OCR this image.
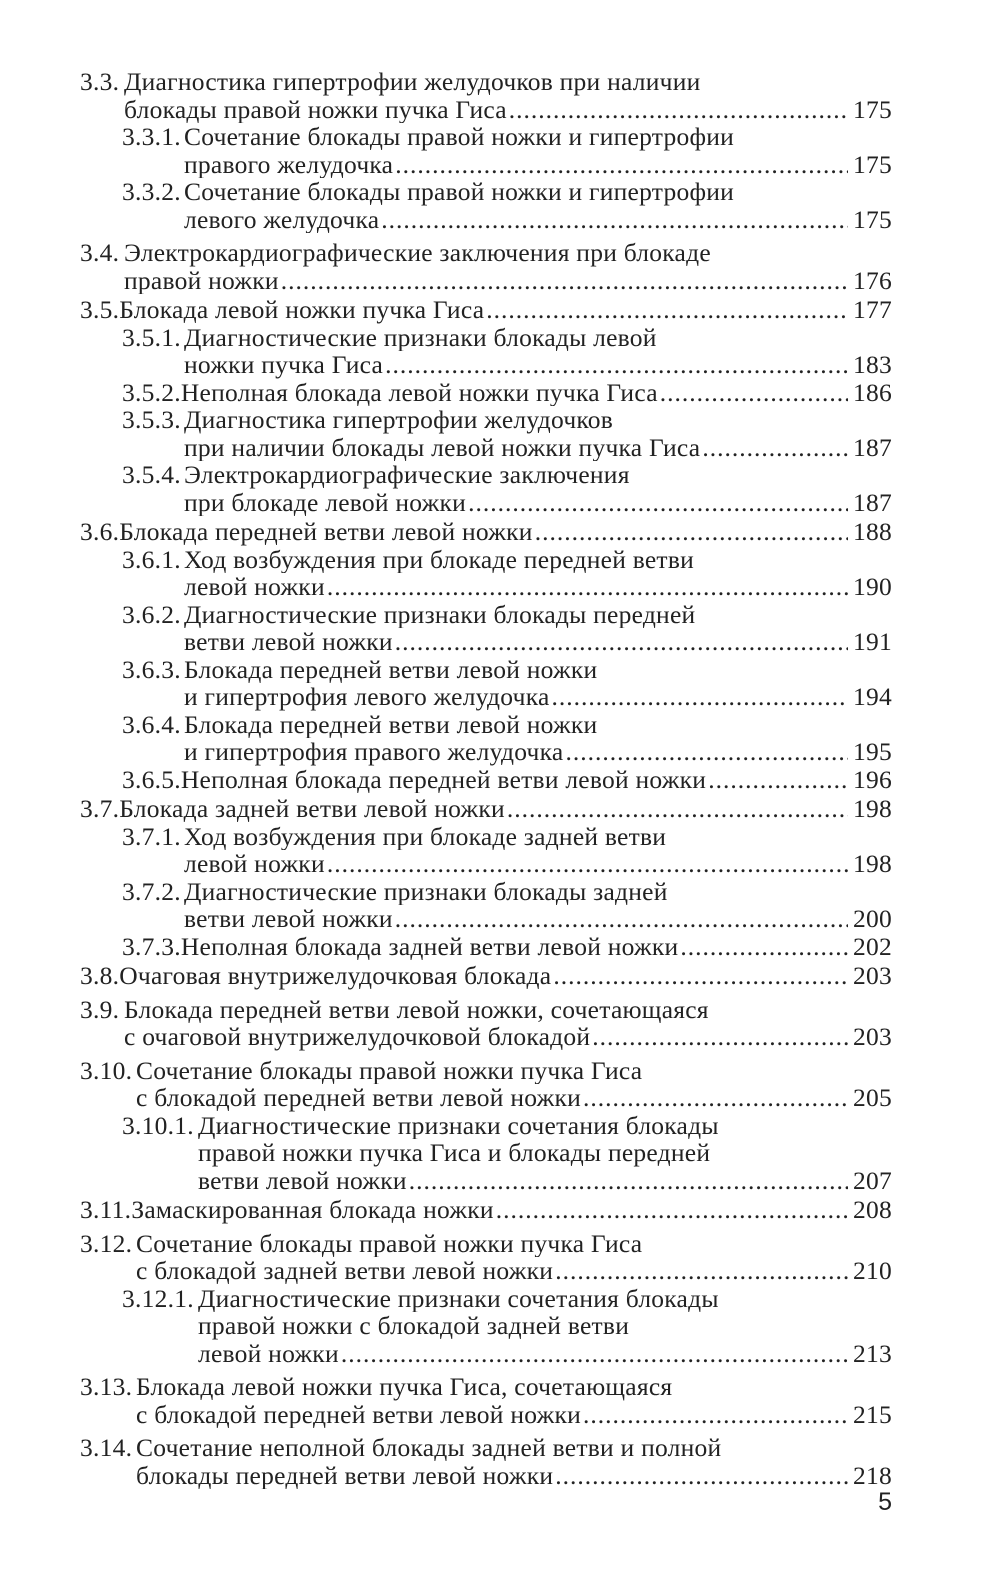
3.3. Диагностика гипертрофии желудочков при наличии
блокады правой ножки пучка Гиса .....	175
3.3.1. Сочетание блокады правой ножки и гипертрофии
правого желудочка .....	175
3.3.2. Сочетание блокады правой ножки и гипертрофии
левого желудочка .....	175
3.4. Электрокардиографические заключения при блокаде
правой ножки .....	176
3.5. Блокада левой ножки пучка Гиса .....	177
3.5.1. Диагностические признаки блокады левой
ножки пучка Гиса .....	183
3.5.2. Неполная блокада левой ножки пучка Гиса .....	186
3.5.3. Диагностика гипертрофии желудочков
при наличии блокады левой ножки пучка Гиса .....	187
3.5.4. Электрокардиографические заключения
при блокаде левой ножки .....	187
3.6. Блокада передней ветви левой ножки .....	188
3.6.1. Ход возбуждения при блокаде передней ветви
левой ножки .....	190
3.6.2. Диагностические признаки блокады передней
ветви левой ножки .....	191
3.6.3. Блокада передней ветви левой ножки
и гипертрофия левого желудочка .....	194
3.6.4. Блокада передней ветви левой ножки
и гипертрофия правого желудочка .....	195
3.6.5. Неполная блокада передней ветви левой ножки .....	196
3.7. Блокада задней ветви левой ножки .....	198
3.7.1. Ход возбуждения при блокаде задней ветви
левой ножки .....	198
3.7.2. Диагностические признаки блокады задней
ветви левой ножки .....	200
3.7.3. Неполная блокада задней ветви левой ножки .....	202
3.8. Очаговая внутрижелудочковая блокада .....	203
3.9. Блокада передней ветви левой ножки, сочетающаяся
с очаговой внутрижелудочковой блокадой .....	203
3.10. Сочетание блокады правой ножки пучка Гиса
с блокадой передней ветви левой ножки .....	205
3.10.1. Диагностические признаки сочетания блокады
правой ножки пучка Гиса и блокады передней
ветви левой ножки .....	207
3.11. Замаскированная блокада ножки .....	208
3.12. Сочетание блокады правой ножки пучка Гиса
с блокадой задней ветви левой ножки .....	210
3.12.1. Диагностические признаки сочетания блокады
правой ножки с блокадой задней ветви
левой ножки .....	213
3.13. Блокада левой ножки пучка Гиса, сочетающаяся
с блокадой передней ветви левой ножки .....	215
3.14. Сочетание неполной блокады задней ветви и полной
блокады передней ветви левой ножки .....	218
5
